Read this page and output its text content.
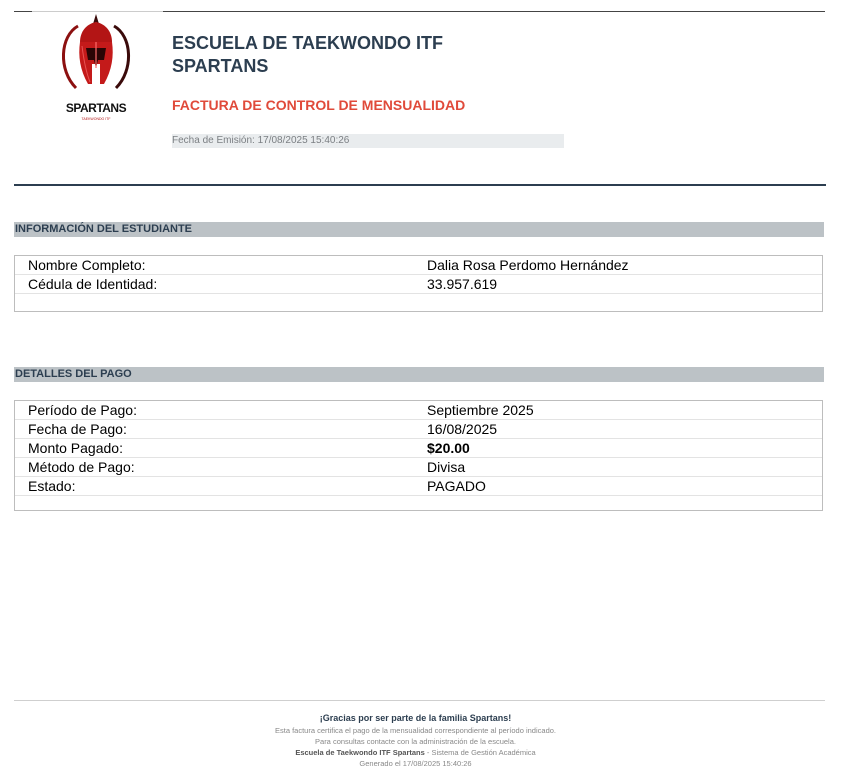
SPARTANS
TAEKWONDO ITF
ESCUELA DE TAEKWONDO ITF
SPARTANS
FACTURA DE CONTROL DE MENSUALIDAD
Fecha de Emisión: 17/08/2025 15:40:26
INFORMACIÓN DEL ESTUDIANTE
Nombre Completo:	Dalia Rosa Perdomo Hernández
Cédula de Identidad:	33.957.619
DETALLES DEL PAGO
Período de Pago:	Septiembre 2025
Fecha de Pago:	16/08/2025
Monto Pagado:	$20.00
Método de Pago:	Divisa
Estado:	PAGADO
¡Gracias por ser parte de la familia Spartans!
Esta factura certifica el pago de la mensualidad correspondiente al período indicado.
Para consultas contacte con la administración de la escuela.
Escuela de Taekwondo ITF Spartans - Sistema de Gestión Académica
Generado el 17/08/2025 15:40:26
